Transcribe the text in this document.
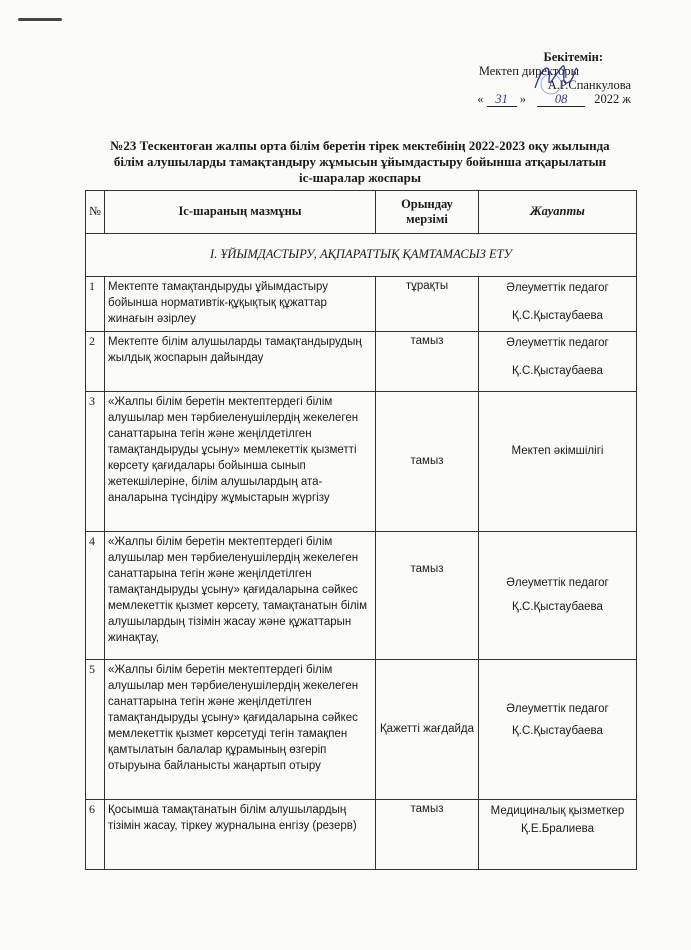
Бекітемін:
Мектеп директоры
А.Р.Спанкулова
« 31 » 08 2022 ж
№23 Тескентоған жалпы орта білім беретін тірек мектебінің 2022-2023 оқу жылында
білім алушыларды тамақтандыру жұмысын ұйымдастыру бойынша атқарылатын
іс-шаралар жоспары
№	Іс-шараның мазмұны	Орындау мерзімі	Жауапты
І. ҰЙЫМДАСТЫРУ, АҚПАРАТТЫҚ ҚАМТАМАСЫЗ ЕТУ			
1	Мектепте тамақтандыруды ұйымдастыру бойынша нормативтік-құқықтық құжаттар жинағын әзірлеу	тұрақты	Әлеуметтік педагог
Қ.С.Қыстаубаева

2	Мектепте білім алушыларды тамақтандырудың жылдық жоспарын дайындау	тамыз	Әлеуметтік педагог
Қ.С.Қыстаубаева

3	«Жалпы білім беретін мектептердегі білім алушылар мен тәрбиеленушілердің жекелеген санаттарына тегін және жеңілдетілген тамақтандыруды ұсыну» мемлекеттік қызметті көрсету қағидалары бойынша сынып жетекшілеріне, білім алушылардың ата-аналарына түсіндіру жұмыстарын жүргізу	тамыз	Мектеп әкімшілігі

4	«Жалпы білім беретін мектептердегі білім алушылар мен тәрбиеленушілердің жекелеген санаттарына тегін және жеңілдетілген тамақтандыруды ұсыну» қағидаларына сәйкес мемлекеттік қызмет көрсету, тамақтанатын білім алушылардың тізімін жасау және құжаттарын жинақтау,	тамыз	Әлеуметтік педагог
Қ.С.Қыстаубаева

5	«Жалпы білім беретін мектептердегі білім алушылар мен тәрбиеленушілердің жекелеген санаттарына тегін және жеңілдетілген тамақтандыруды ұсыну» қағидаларына сәйкес мемлекеттік қызмет көрсетуді тегін тамақпен қамтылатын балалар құрамының өзгеріп отыруына байланысты жаңартып отыру	Қажетті жағдайда	Әлеуметтік педагог
Қ.С.Қыстаубаева

6	Қосымша тамақтанатын білім алушылардың тізімін жасау, тіркеу журналына енгізу (резерв)	тамыз	Медициналық қызметкер
Қ.Е.Бралиева
